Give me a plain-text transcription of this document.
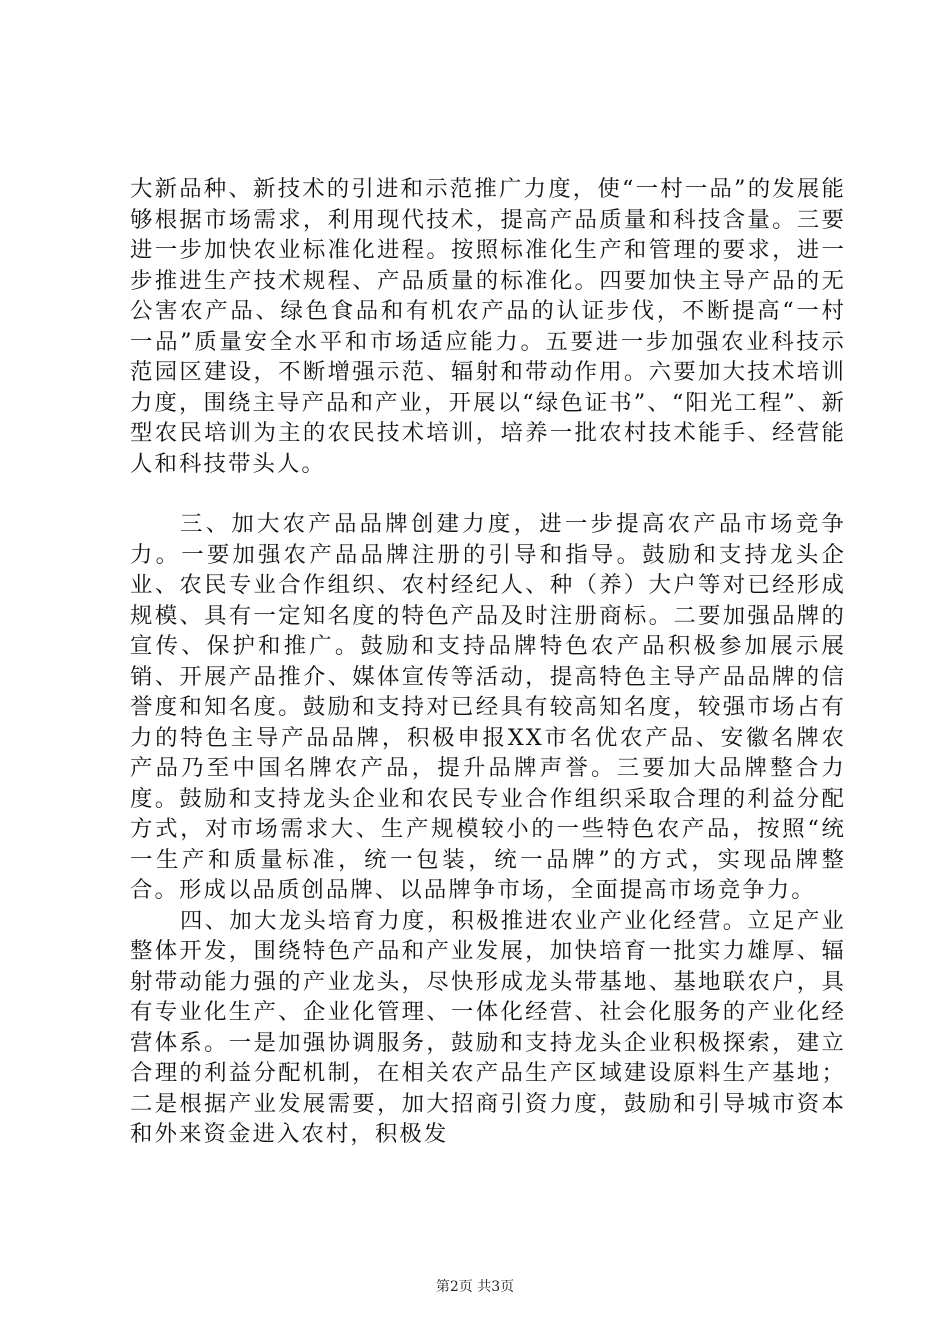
大新品种、新技术的引进和示范推广力度，使“一村一品”的发展能够根据市场需求，利用现代技术，提高产品质量和科技含量。三要进一步加快农业标准化进程。按照标准化生产和管理的要求，进一步推进生产技术规程、产品质量的标准化。四要加快主导产品的无公害农产品、绿色食品和有机农产品的认证步伐，不断提高“一村一品”质量安全水平和市场适应能力。五要进一步加强农业科技示范园区建设，不断增强示范、辐射和带动作用。六要加大技术培训力度，围绕主导产品和产业，开展以“绿色证书”、“阳光工程”、新型农民培训为主的农民技术培训，培养一批农村技术能手、经营能人和科技带头人。

三、加大农产品品牌创建力度，进一步提高农产品市场竞争力。一要加强农产品品牌注册的引导和指导。鼓励和支持龙头企业、农民专业合作组织、农村经纪人、种（养）大户等对已经形成规模、具有一定知名度的特色产品及时注册商标。二要加强品牌的宣传、保护和推广。鼓励和支持品牌特色农产品积极参加展示展销、开展产品推介、媒体宣传等活动，提高特色主导产品品牌的信誉度和知名度。鼓励和支持对已经具有较高知名度，较强市场占有力的特色主导产品品牌，积极申报XX市名优农产品、安徽名牌农产品乃至中国名牌农产品，提升品牌声誉。三要加大品牌整合力度。鼓励和支持龙头企业和农民专业合作组织采取合理的利益分配方式，对市场需求大、生产规模较小的一些特色农产品，按照“统一生产和质量标准，统一包装，统一品牌”的方式，实现品牌整合。形成以品质创品牌、以品牌争市场，全面提高市场竞争力。

四、加大龙头培育力度，积极推进农业产业化经营。立足产业整体开发，围绕特色产品和产业发展，加快培育一批实力雄厚、辐射带动能力强的产业龙头，尽快形成龙头带基地、基地联农户，具有专业化生产、企业化管理、一体化经营、社会化服务的产业化经营体系。一是加强协调服务，鼓励和支持龙头企业积极探索，建立合理的利益分配机制，在相关农产品生产区域建设原料生产基地；二是根据产业发展需要，加大招商引资力度，鼓励和引导城市资本和外来资金进入农村，积极发

第2页 共3页
